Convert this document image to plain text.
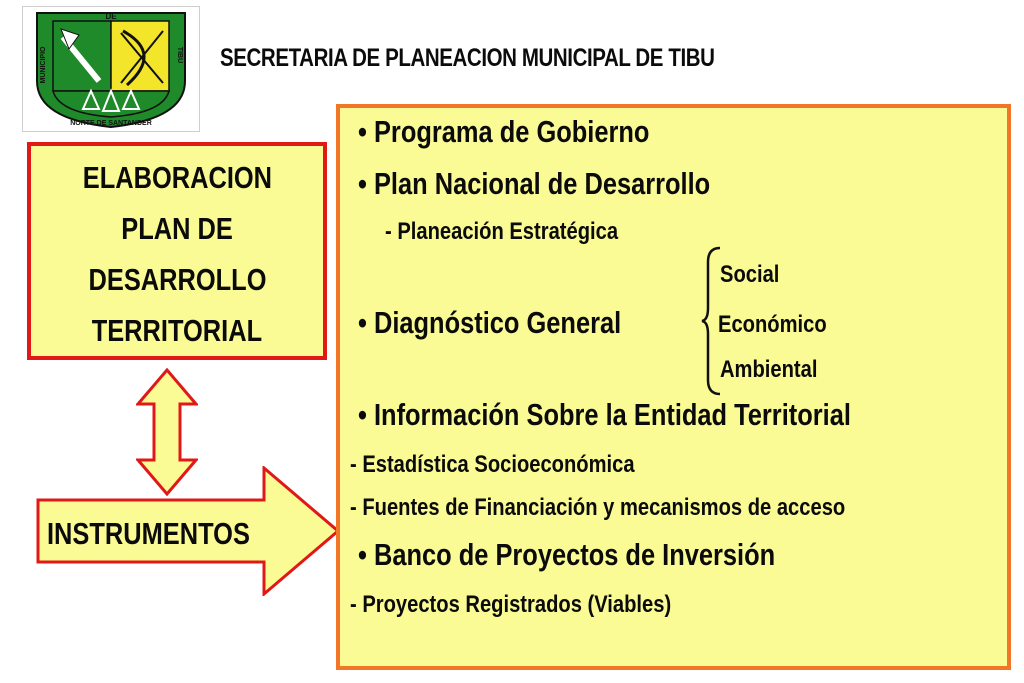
DE
MUNICIPIO	TIBU
NORTE DE SANTANDER
SECRETARIA DE PLANEACION MUNICIPAL DE TIBU
ELABORACION
PLAN DE
DESARROLLO
TERRITORIAL
INSTRUMENTOS
• Programa de Gobierno
• Plan Nacional de Desarrollo
- Planeación Estratégica
Social
• Diagnóstico General	Económico
Ambiental
• Información Sobre la Entidad Territorial
- Estadística Socioeconómica
- Fuentes de Financiación y mecanismos de acceso
• Banco de Proyectos de Inversión
- Proyectos Registrados (Viables)
